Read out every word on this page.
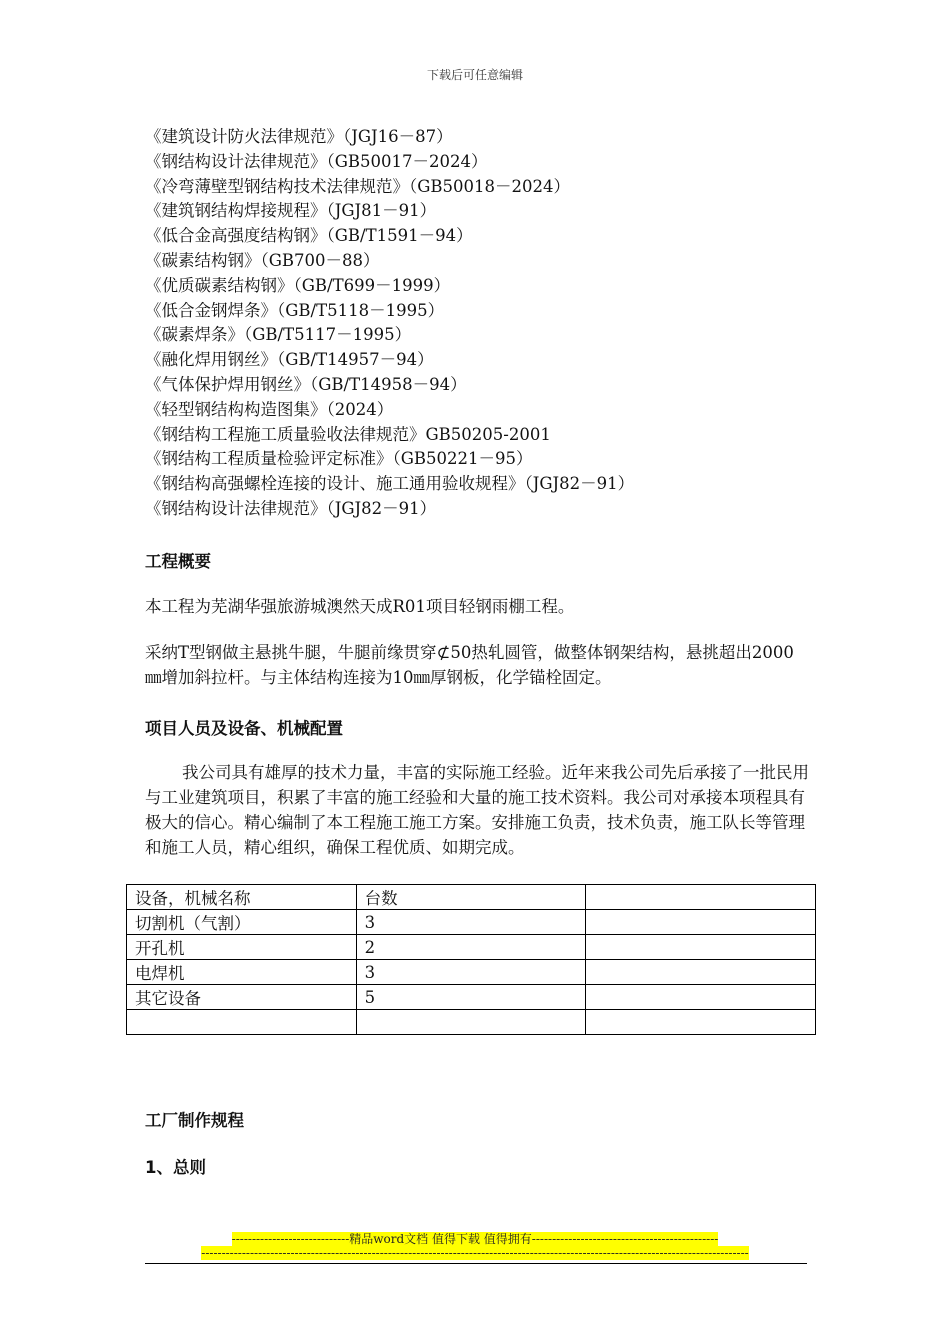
下载后可任意编辑
《建筑设计防火法律规范》（JGJ16－87）
《钢结构设计法律规范》（GB50017－2024）
《冷弯薄壁型钢结构技术法律规范》（GB50018－2024）
《建筑钢结构焊接规程》（JGJ81－91）
《低合金高强度结构钢》（GB/T1591－94）
《碳素结构钢》（GB700－88）
《优质碳素结构钢》（GB/T699－1999）
《低合金钢焊条》（GB/T5118－1995）
《碳素焊条》（GB/T5117－1995）
《融化焊用钢丝》（GB/T14957－94）
《气体保护焊用钢丝》（GB/T14958－94）
《轻型钢结构构造图集》（2024）
《钢结构工程施工质量验收法律规范》GB50205-2001
《钢结构工程质量检验评定标准》（GB50221－95）
《钢结构高强螺栓连接的设计、施工通用验收规程》（JGJ82－91）
《钢结构设计法律规范》（JGJ82－91）
工程概要
本工程为芜湖华强旅游城澳然天成R01项目轻钢雨棚工程。
采纳T型钢做主悬挑牛腿，牛腿前缘贯穿⊄50热轧圆管，做整体钢架结构，悬挑超出2000㎜增加斜拉杆。与主体结构连接为10㎜厚钢板，化学锚栓固定。
项目人员及设备、机械配置
我公司具有雄厚的技术力量，丰富的实际施工经验。近年来我公司先后承接了一批民用与工业建筑项目，积累了丰富的施工经验和大量的施工技术资料。我公司对承接本项程具有极大的信心。精心编制了本工程施工施工方案。安排施工负责，技术负责，施工队长等管理和施工人员，精心组织，确保工程优质、如期完成。
设备，机械名称	台数	
切割机（气割）	3	
开孔机	2	
电焊机	3	
其它设备	5	

工厂制作规程
1、总则
-----------------------------精品word文档 值得下载 值得拥有----------------------------------------------
---------------------------------------------------------------------------------------------------------------------------------------
